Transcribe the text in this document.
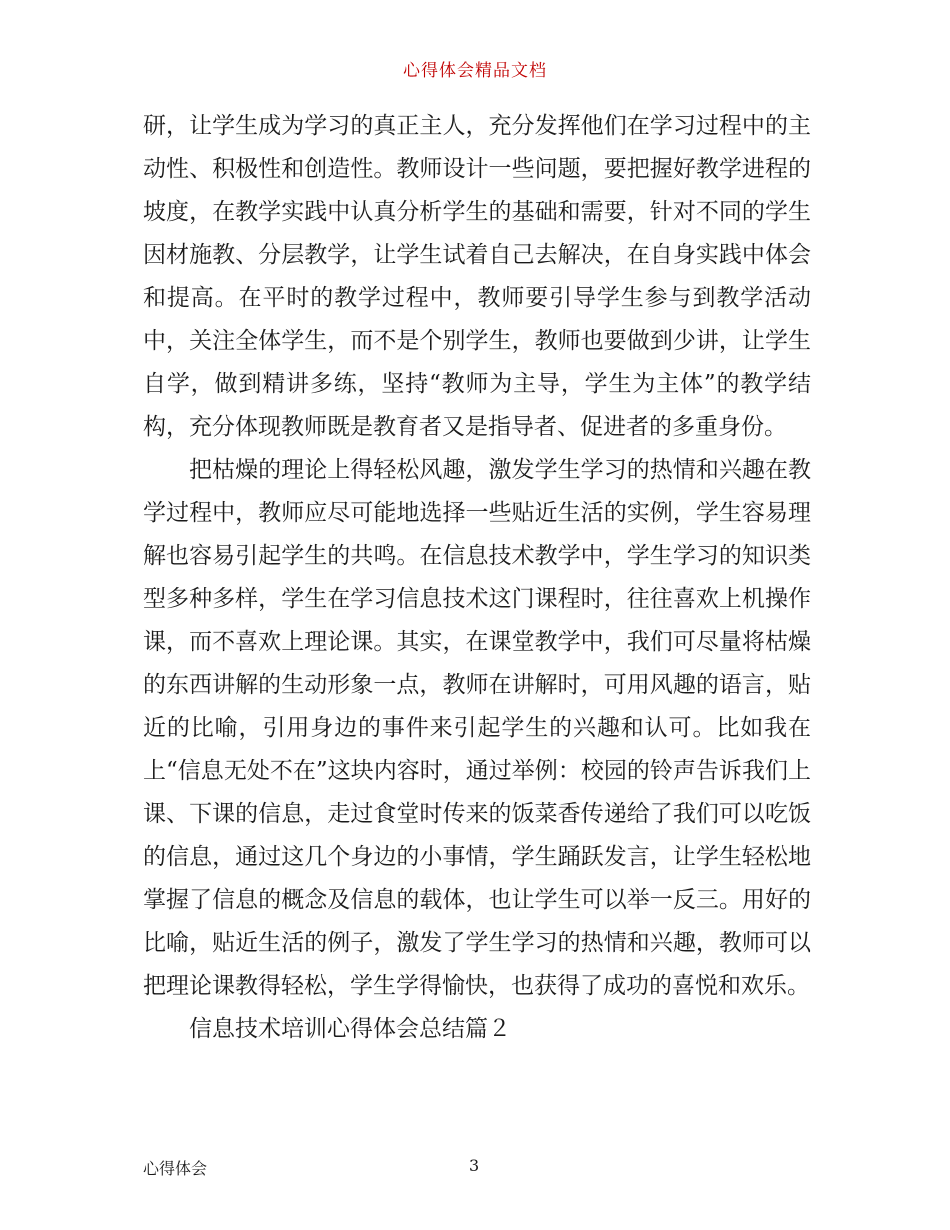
心得体会精品文档

研，让学生成为学习的真正主人，充分发挥他们在学习过程中的主动性、积极性和创造性。教师设计一些问题，要把握好教学进程的坡度，在教学实践中认真分析学生的基础和需要，针对不同的学生因材施教、分层教学，让学生试着自己去解决，在自身实践中体会和提高。在平时的教学过程中，教师要引导学生参与到教学活动中，关注全体学生，而不是个别学生，教师也要做到少讲，让学生自学，做到精讲多练，坚持“教师为主导，学生为主体”的教学结构，充分体现教师既是教育者又是指导者、促进者的多重身份。

把枯燥的理论上得轻松风趣，激发学生学习的热情和兴趣在教学过程中，教师应尽可能地选择一些贴近生活的实例，学生容易理解也容易引起学生的共鸣。在信息技术教学中，学生学习的知识类型多种多样，学生在学习信息技术这门课程时，往往喜欢上机操作课，而不喜欢上理论课。其实，在课堂教学中，我们可尽量将枯燥的东西讲解的生动形象一点，教师在讲解时，可用风趣的语言，贴近的比喻，引用身边的事件来引起学生的兴趣和认可。比如我在上“信息无处不在”这块内容时，通过举例：校园的铃声告诉我们上课、下课的信息，走过食堂时传来的饭菜香传递给了我们可以吃饭的信息，通过这几个身边的小事情，学生踊跃发言，让学生轻松地掌握了信息的概念及信息的载体，也让学生可以举一反三。用好的比喻，贴近生活的例子，激发了学生学习的热情和兴趣，教师可以把理论课教得轻松，学生学得愉快，也获得了成功的喜悦和欢乐。

信息技术培训心得体会总结篇２

心得体会	3
